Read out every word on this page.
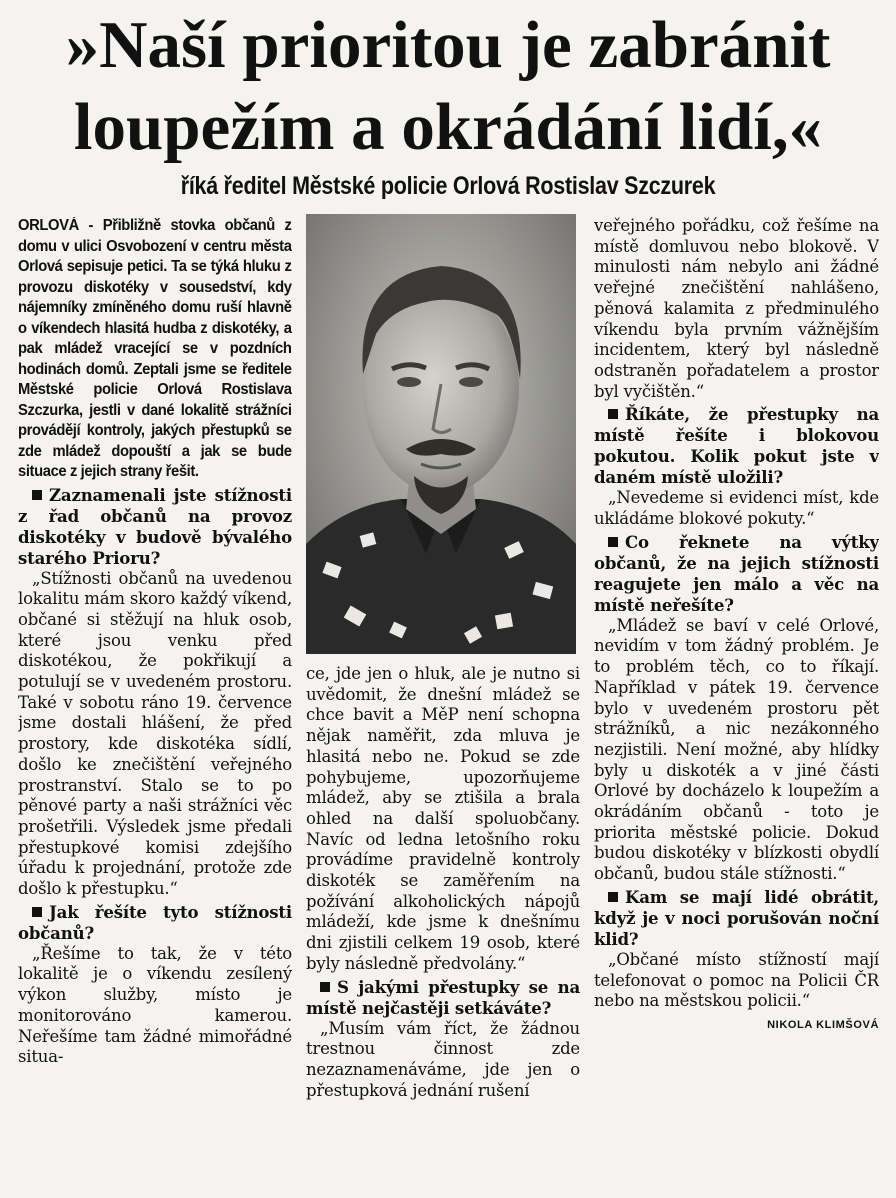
»Naší prioritou je zabránit
loupežím a okrádání lidí,«
říká ředitel Městské policie Orlová Rostislav Szczurek

ORLOVÁ - Přibližně stovka občanů z domu v ulici Osvobození v centru města Orlová sepisuje petici. Ta se týká hluku z provozu diskotéky v sousedství, kdy nájemníky zmíněného domu ruší hlavně o víkendech hlasitá hudba z diskotéky, a pak mládež vracející se v pozdních hodinách domů. Zeptali jsme se ředitele Městské policie Orlová Rostislava Szczurka, jestli v dané lokalitě strážníci provádějí kontroly, jakých přestupků se zde mládež dopouští a jak se bude situace z jejich strany řešit.

Zaznamenali jste stížnosti z řad občanů na provoz diskotéky v budově bývalého starého Prioru?

„Stížnosti občanů na uvedenou lokalitu mám skoro každý víkend, občané si stěžují na hluk osob, které jsou venku před diskotékou, že pokřikují a potulují se v uvedeném prostoru. Také v sobotu ráno 19. července jsme dostali hlášení, že před prostory, kde diskotéka sídlí, došlo ke znečištění veřejného prostranství. Stalo se to po pěnové party a naši strážníci věc prošetřili. Výsledek jsme předali přestupkové komisi zdejšího úřadu k projednání, protože zde došlo k přestupku.“

Jak řešíte tyto stížnosti občanů?

„Řešíme to tak, že v této lokalitě je o víkendu zesílený výkon služby, místo je monitorováno kamerou. Neřešíme tam žádné mimořádné situa-

ce, jde jen o hluk, ale je nutno si uvědomit, že dnešní mládež se chce bavit a MěP není schopna nějak naměřit, zda mluva je hlasitá nebo ne. Pokud se zde pohybujeme, upozorňujeme mládež, aby se ztišila a brala ohled na další spoluobčany. Navíc od ledna letošního roku provádíme pravidelně kontroly diskoték se zaměřením na požívání alkoholických nápojů mládeží, kde jsme k dnešnímu dni zjistili celkem 19 osob, které byly následně předvolány.“

S jakými přestupky se na místě nejčastěji setkáváte?

„Musím vám říct, že žádnou trestnou činnost zde nezaznamenáváme, jde jen o přestupková jednání rušení

veřejného pořádku, což řešíme na místě domluvou nebo blokově. V minulosti nám nebylo ani žádné veřejné znečištění nahlášeno, pěnová kalamita z předminulého víkendu byla prvním vážnějším incidentem, který byl následně odstraněn pořadatelem a prostor byl vyčištěn.“

Říkáte, že přestupky na místě řešíte i blokovou pokutou. Kolik pokut jste v daném místě uložili?

„Nevedeme si evidenci míst, kde ukládáme blokové pokuty.“

Co řeknete na výtky občanů, že na jejich stížnosti reagujete jen málo a věc na místě neřešíte?

„Mládež se baví v celé Orlové, nevidím v tom žádný problém. Je to problém těch, co to říkají. Například v pátek 19. července bylo v uvedeném prostoru pět strážníků, a nic nezákonného nezjistili. Není možné, aby hlídky byly u diskoték a v jiné části Orlové by docházelo k loupežím a okrádáním občanů - toto je priorita městské policie. Dokud budou diskotéky v blízkosti obydlí občanů, budou stále stížnosti.“

Kam se mají lidé obrátit, když je v noci porušován noční klid?

„Občané místo stížností mají telefonovat o pomoc na Policii ČR nebo na městskou policii.“
NIKOLA KLIMŠOVÁ
